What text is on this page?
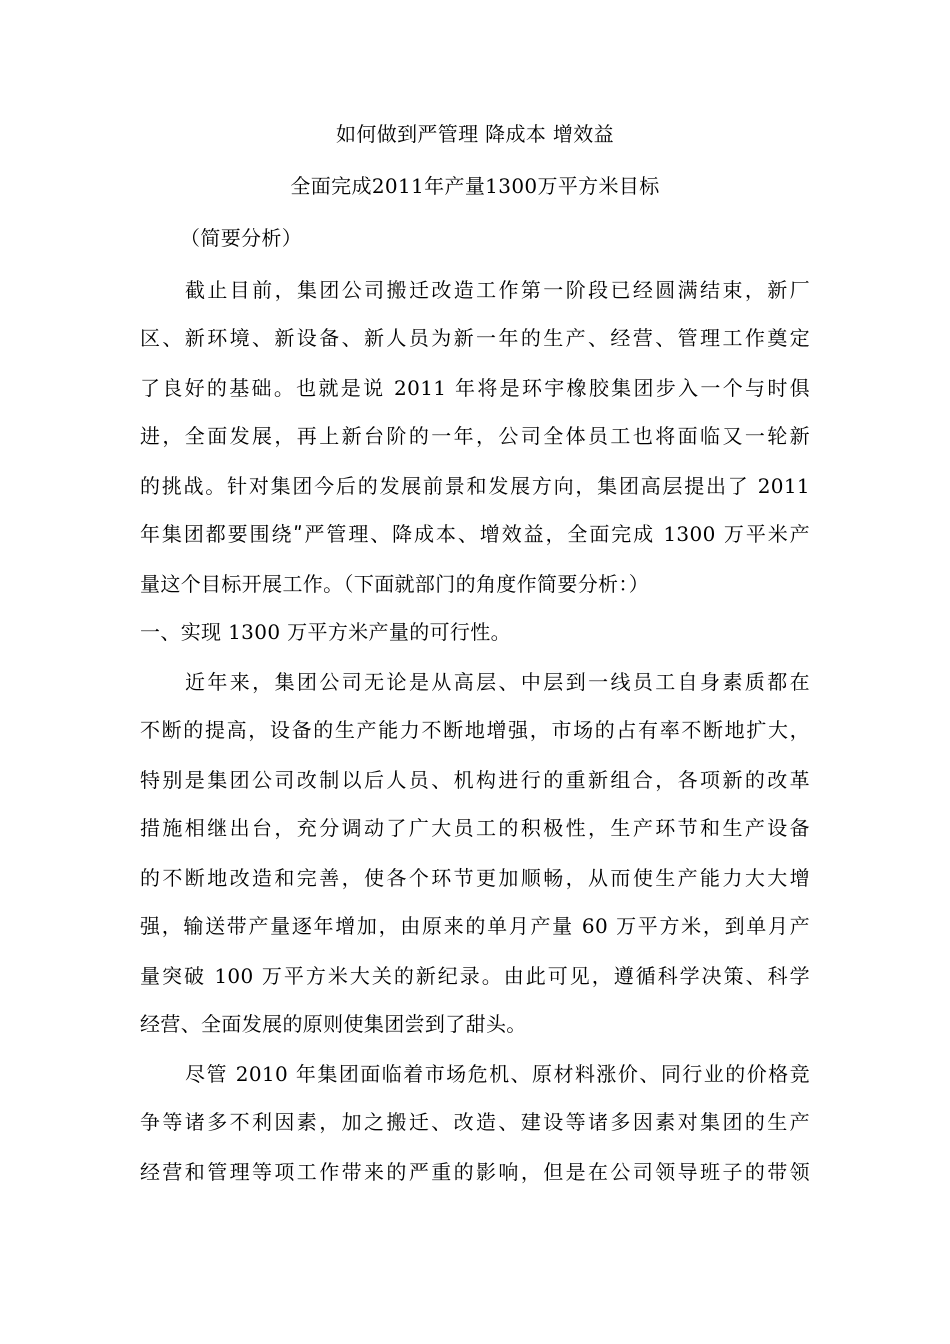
如何做到严管理 降成本 增效益
全面完成2011年产量1300万平方米目标
（简要分析）
截止目前，集团公司搬迁改造工作第一阶段已经圆满结束，新厂
区、新环境、新设备、新人员为新一年的生产、经营、管理工作奠定
了良好的基础。也就是说 2011 年将是环宇橡胶集团步入一个与时俱
进，全面发展，再上新台阶的一年，公司全体员工也将面临又一轮新
的挑战。针对集团今后的发展前景和发展方向，集团高层提出了 2011
年集团都要围绕ʺ严管理、降成本、增效益，全面完成 1300 万平米产
量这个目标开展工作。（下面就部门的角度作简要分析：）
一、实现 1300 万平方米产量的可行性。
近年来，集团公司无论是从高层、中层到一线员工自身素质都在
不断的提高，设备的生产能力不断地增强，市场的占有率不断地扩大，
特别是集团公司改制以后人员、机构进行的重新组合，各项新的改革
措施相继出台，充分调动了广大员工的积极性，生产环节和生产设备
的不断地改造和完善，使各个环节更加顺畅，从而使生产能力大大增
强，输送带产量逐年增加，由原来的单月产量 60 万平方米，到单月产
量突破 100 万平方米大关的新纪录。由此可见，遵循科学决策、科学
经营、全面发展的原则使集团尝到了甜头。
尽管 2010 年集团面临着市场危机、原材料涨价、同行业的价格竞
争等诸多不利因素，加之搬迁、改造、建设等诸多因素对集团的生产
经营和管理等项工作带来的严重的影响，但是在公司领导班子的带领
